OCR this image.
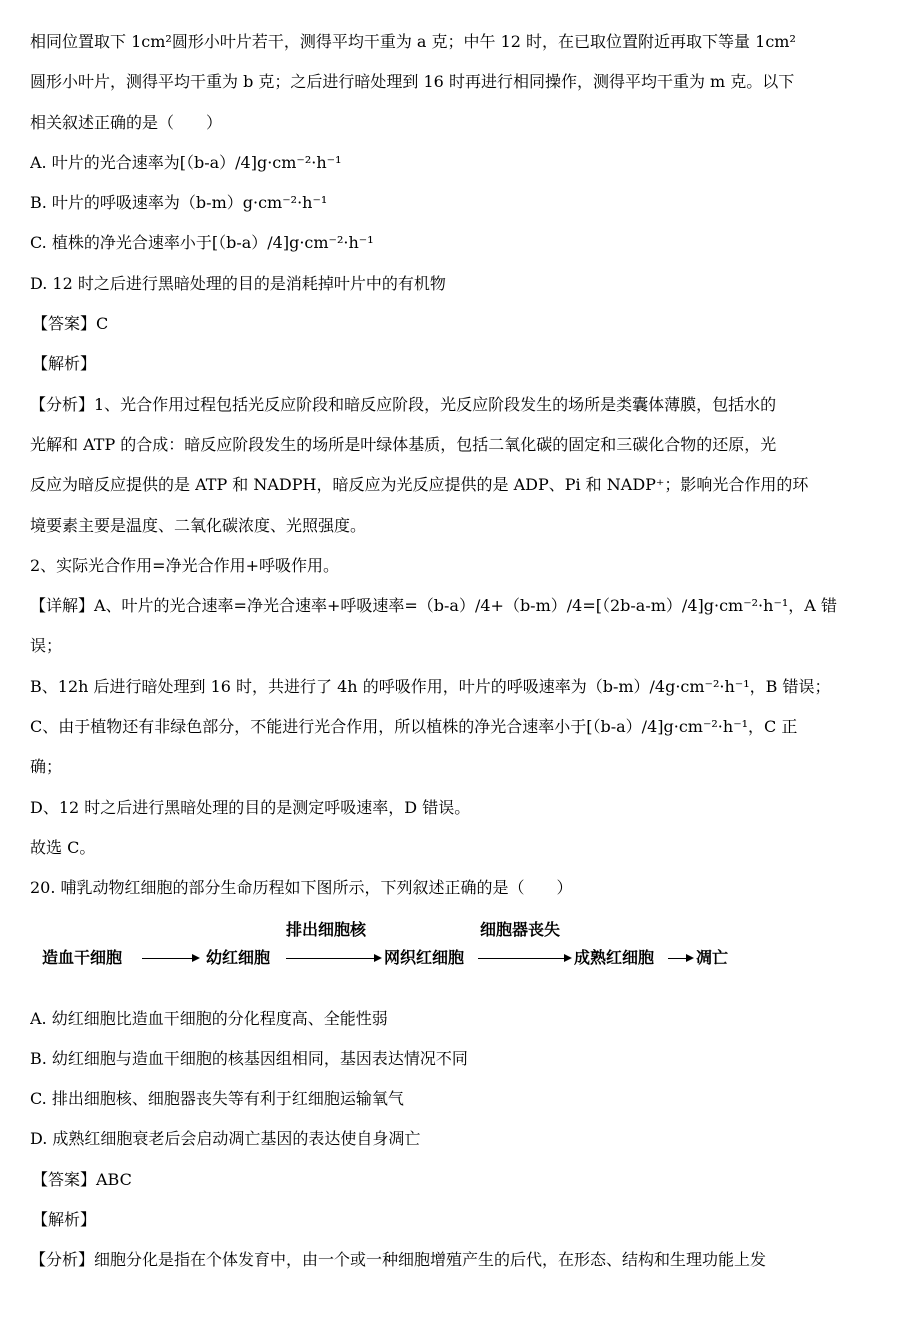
相同位置取下 1cm²圆形小叶片若干，测得平均干重为 a 克；中午 12 时，在已取位置附近再取下等量 1cm²
圆形小叶片，测得平均干重为 b 克；之后进行暗处理到 16 时再进行相同操作，测得平均干重为 m 克。以下
相关叙述正确的是（　　）
A. 叶片的光合速率为[（b-a）/4]g·cm⁻²·h⁻¹
B. 叶片的呼吸速率为（b-m）g·cm⁻²·h⁻¹
C. 植株的净光合速率小于[（b-a）/4]g·cm⁻²·h⁻¹
D. 12 时之后进行黑暗处理的目的是消耗掉叶片中的有机物
【答案】C
【解析】
【分析】1、光合作用过程包括光反应阶段和暗反应阶段，光反应阶段发生的场所是类囊体薄膜，包括水的
光解和 ATP 的合成：暗反应阶段发生的场所是叶绿体基质，包括二氧化碳的固定和三碳化合物的还原，光
反应为暗反应提供的是 ATP 和 NADPH，暗反应为光反应提供的是 ADP、Pi 和 NADP⁺；影响光合作用的环
境要素主要是温度、二氧化碳浓度、光照强度。
2、实际光合作用=净光合作用+呼吸作用。
【详解】A、叶片的光合速率=净光合速率+呼吸速率=（b-a）/4+（b-m）/4=[（2b-a-m）/4]g·cm⁻²·h⁻¹，A 错
误；
B、12h 后进行暗处理到 16 时，共进行了 4h 的呼吸作用，叶片的呼吸速率为（b-m）/4g·cm⁻²·h⁻¹，B 错误；
C、由于植物还有非绿色部分，不能进行光合作用，所以植株的净光合速率小于[（b-a）/4]g·cm⁻²·h⁻¹，C 正
确；
D、12 时之后进行黑暗处理的目的是测定呼吸速率，D 错误。
故选 C。
20. 哺乳动物红细胞的部分生命历程如下图所示，下列叙述正确的是（　　）
造血干细胞	幼红细胞
排出细胞核
网织红细胞
细胞器丧失
成熟红细胞	凋亡
A. 幼红细胞比造血干细胞的分化程度高、全能性弱
B. 幼红细胞与造血干细胞的核基因组相同，基因表达情况不同
C. 排出细胞核、细胞器丧失等有利于红细胞运输氧气
D. 成熟红细胞衰老后会启动凋亡基因的表达使自身凋亡
【答案】ABC
【解析】
【分析】细胞分化是指在个体发育中，由一个或一种细胞增殖产生的后代，在形态、结构和生理功能上发
